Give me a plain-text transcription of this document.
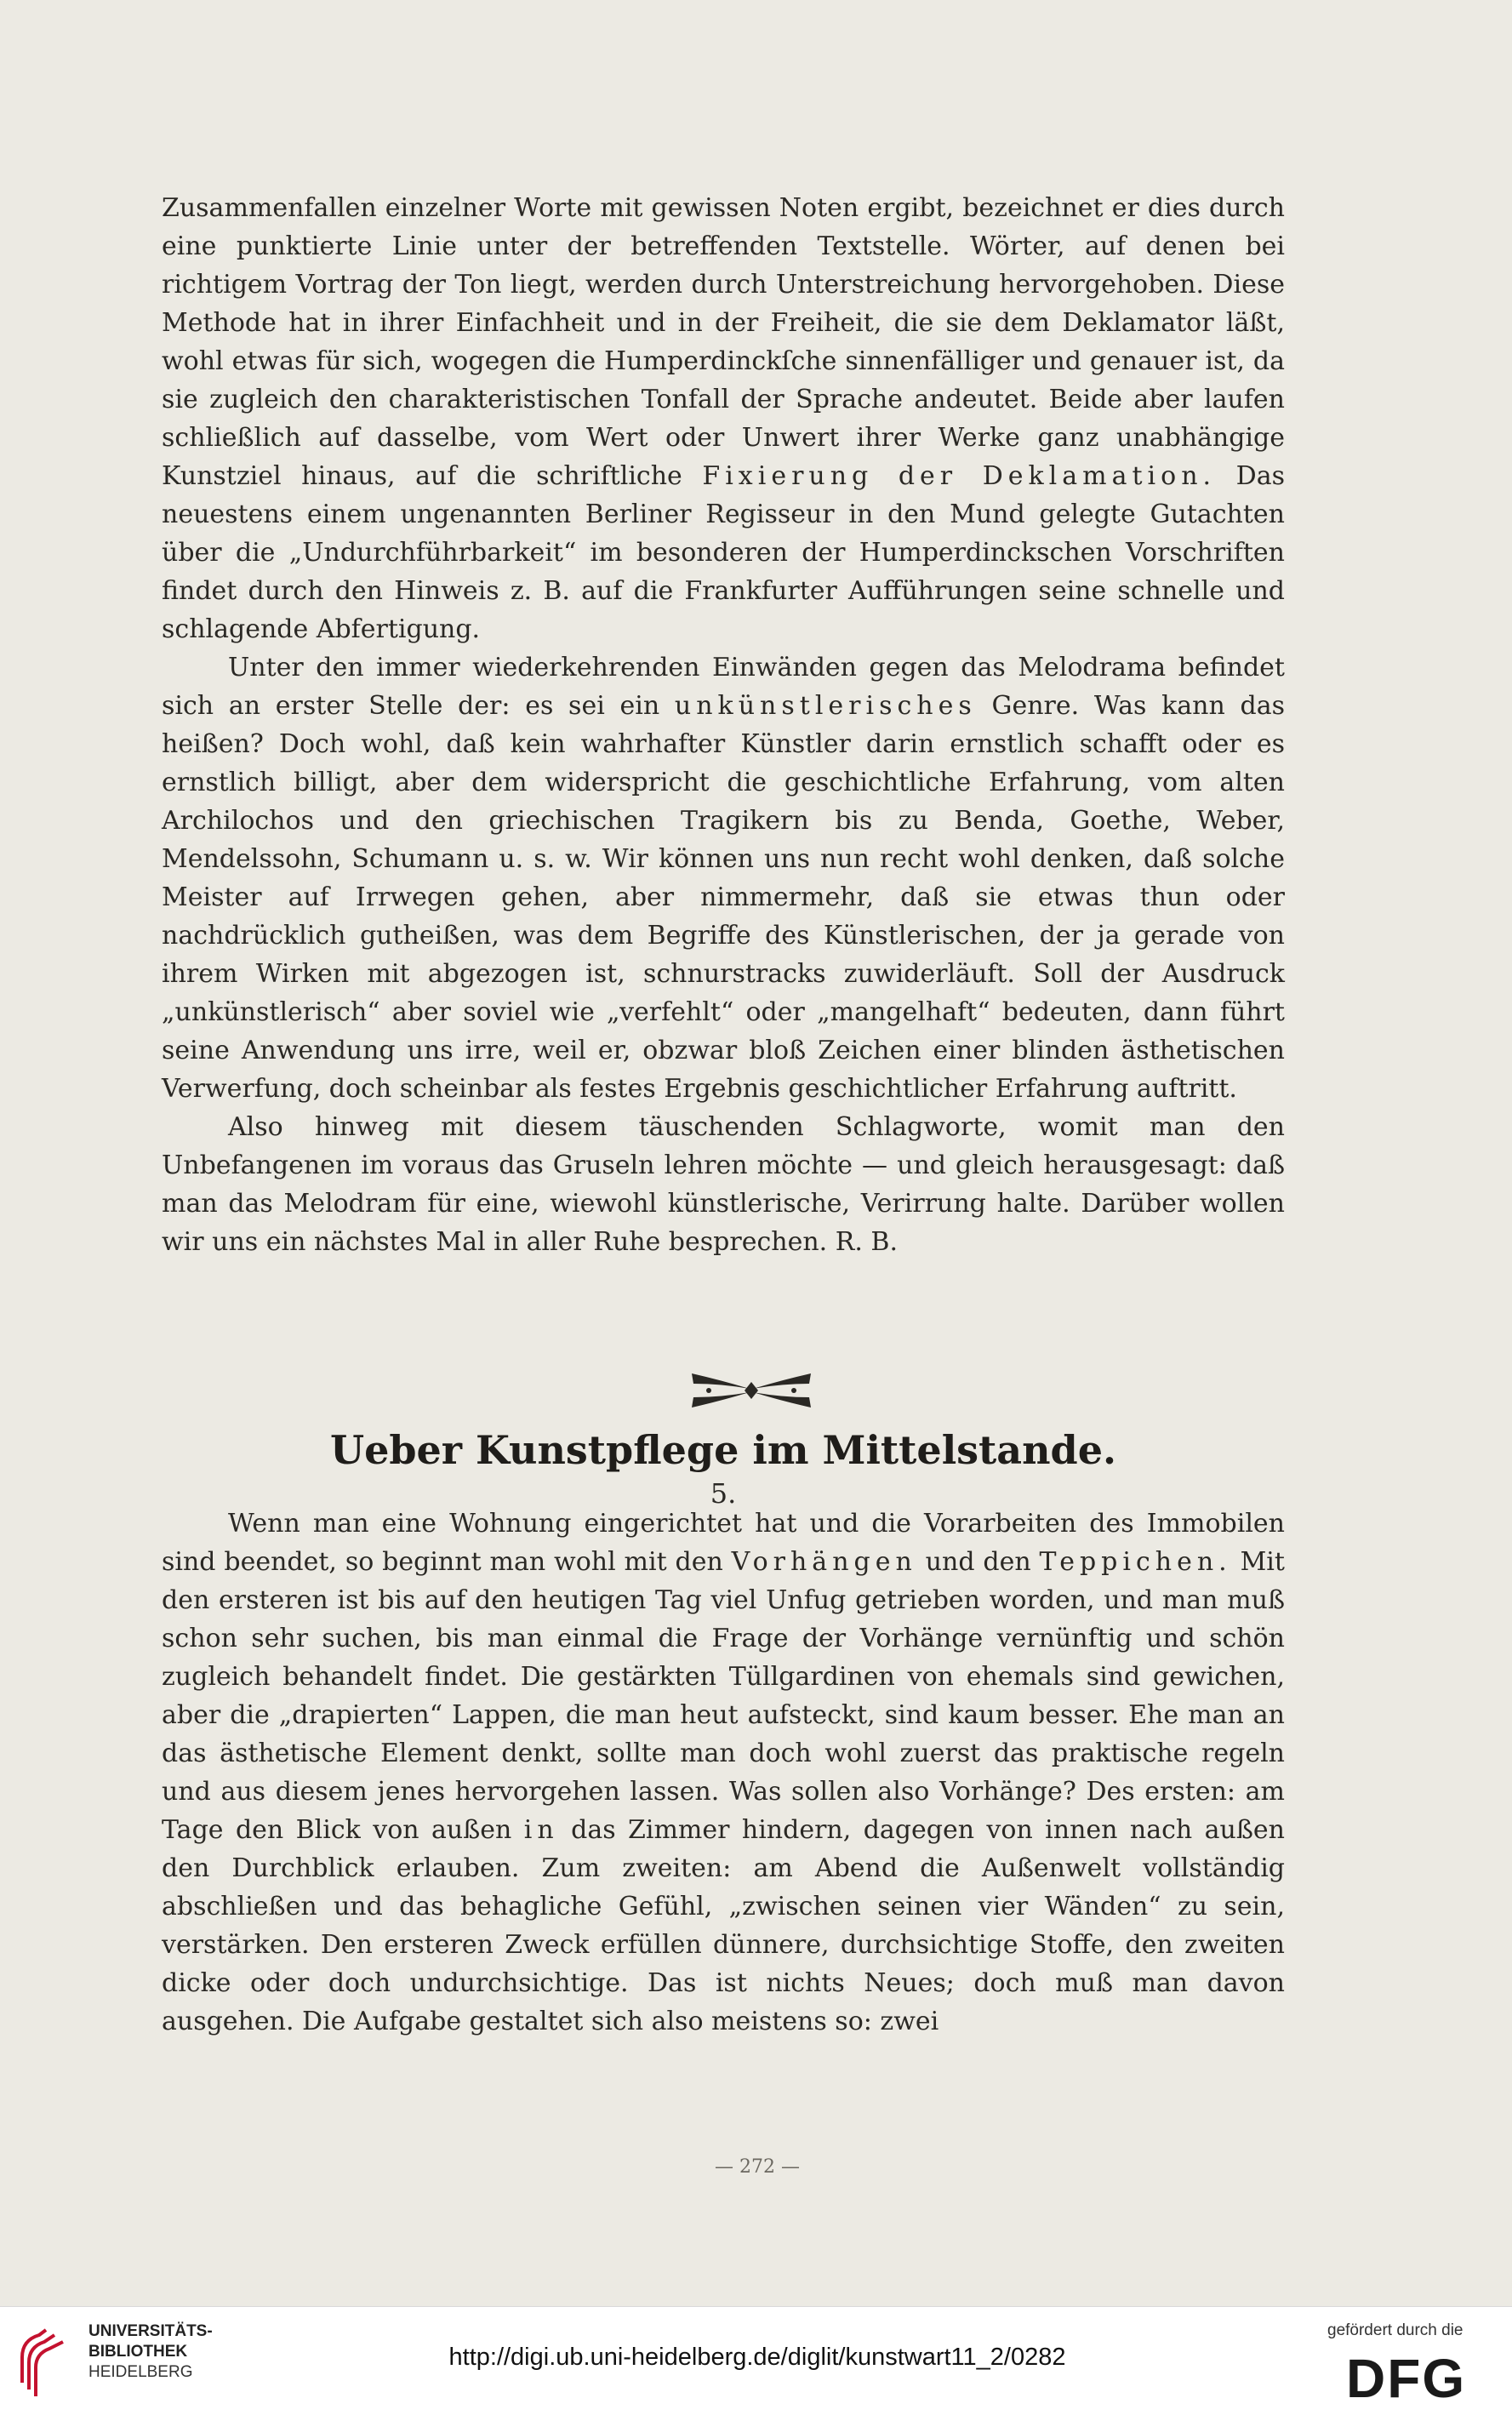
Zusammenfallen einzelner Worte mit gewissen Noten ergibt, bezeichnet er dies durch eine punktierte Linie unter der betreffenden Textstelle. Wörter, auf denen bei richtigem Vortrag der Ton liegt, werden durch Unterstreichung hervorgehoben. Diese Methode hat in ihrer Einfachheit und in der Freiheit, die sie dem Deklamator läßt, wohl etwas für sich, wogegen die Humperdinckſche sinnenfälliger und genauer ist, da sie zugleich den charakteristischen Tonfall der Sprache andeutet. Beide aber laufen schließlich auf dasselbe, vom Wert oder Unwert ihrer Werke ganz unabhängige Kunstziel hinaus, auf die schriftliche Fixierung der Deklamation. Das neuestens einem ungenannten Berliner Regisseur in den Mund gelegte Gutachten über die „Undurchführbarkeit“ im besonderen der Humperdinckschen Vorschriften findet durch den Hinweis z. B. auf die Frankfurter Aufführungen seine schnelle und schlagende Abfertigung.

Unter den immer wiederkehrenden Einwänden gegen das Melodrama befindet sich an erster Stelle der: es sei ein unkünstlerisches Genre. Was kann das heißen? Doch wohl, daß kein wahrhafter Künstler darin ernstlich schafft oder es ernstlich billigt, aber dem widerspricht die geschichtliche Erfahrung, vom alten Archilochos und den griechischen Tragikern bis zu Benda, Goethe, Weber, Mendelssohn, Schumann u. s. w. Wir können uns nun recht wohl denken, daß solche Meister auf Irrwegen gehen, aber nimmermehr, daß sie etwas thun oder nachdrücklich gutheißen, was dem Begriffe des Künstlerischen, der ja gerade von ihrem Wirken mit abgezogen ist, schnurstracks zuwiderläuft. Soll der Ausdruck „unkünstlerisch“ aber soviel wie „verfehlt“ oder „mangelhaft“ bedeuten, dann führt seine Anwendung uns irre, weil er, obzwar bloß Zeichen einer blinden ästhetischen Verwerfung, doch scheinbar als festes Ergebnis geschichtlicher Erfahrung auftritt.

Also hinweg mit diesem täuschenden Schlagworte, womit man den Unbefangenen im voraus das Gruseln lehren möchte — und gleich herausgesagt: daß man das Melodram für eine, wiewohl künstlerische, Verirrung halte. Darüber wollen wir uns ein nächstes Mal in aller Ruhe besprechen. R. B.

Ueber Kunstpflege im Mittelstande.
5.

Wenn man eine Wohnung eingerichtet hat und die Vorarbeiten des Immobilen sind beendet, so beginnt man wohl mit den Vorhängen und den Teppichen. Mit den ersteren ist bis auf den heutigen Tag viel Unfug getrieben worden, und man muß schon sehr suchen, bis man einmal die Frage der Vorhänge vernünftig und schön zugleich behandelt findet. Die gestärkten Tüllgardinen von ehemals sind gewichen, aber die „drapierten“ Lappen, die man heut aufsteckt, sind kaum besser. Ehe man an das ästhetische Element denkt, sollte man doch wohl zuerst das praktische regeln und aus diesem jenes hervorgehen lassen. Was sollen also Vorhänge? Des ersten: am Tage den Blick von außen in das Zimmer hindern, dagegen von innen nach außen den Durchblick erlauben. Zum zweiten: am Abend die Außenwelt vollständig abschließen und das behagliche Gefühl, „zwischen seinen vier Wänden“ zu sein, verstärken. Den ersteren Zweck erfüllen dünnere, durchsichtige Stoffe, den zweiten dicke oder doch undurchsichtige. Das ist nichts Neues; doch muß man davon ausgehen. Die Aufgabe gestaltet sich also meistens so: zwei

— 272 —
UNIVERSITÄTS-
BIBLIOTHEK
HEIDELBERG
http://digi.ub.uni-heidelberg.de/diglit/kunstwart11_2/0282
gefördert durch die
DFG
